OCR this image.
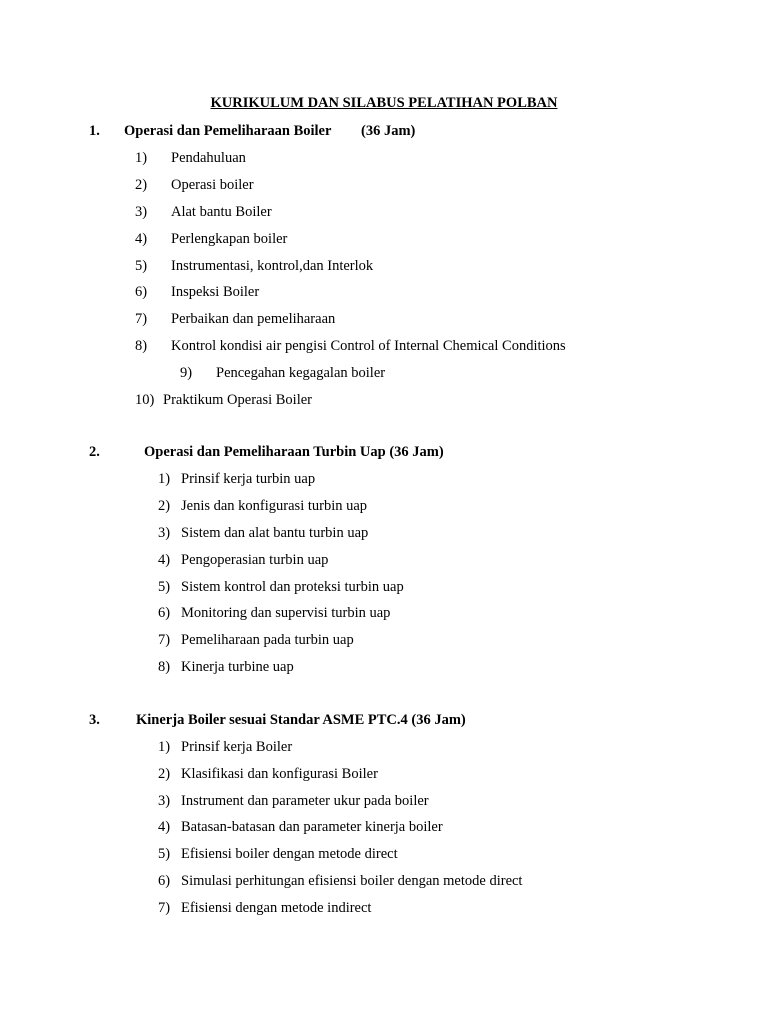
KURIKULUM DAN SILABUS PELATIHAN POLBAN
1. Operasi dan Pemeliharaan Boiler (36 Jam)
1) Pendahuluan
2) Operasi boiler
3) Alat bantu Boiler
4) Perlengkapan boiler
5) Instrumentasi, kontrol,dan Interlok
6) Inspeksi Boiler
7) Perbaikan dan pemeliharaan
8) Kontrol kondisi air pengisi Control of Internal Chemical Conditions
9) Pencegahan kegagalan boiler
10) Praktikum Operasi Boiler
2.	Operasi dan Pemeliharaan Turbin Uap (36 Jam)
1) Prinsif kerja turbin uap
2) Jenis dan konfigurasi turbin uap
3) Sistem dan alat bantu turbin uap
4) Pengoperasian turbin uap
5) Sistem kontrol dan proteksi turbin uap
6) Monitoring dan supervisi turbin uap
7) Pemeliharaan pada turbin uap
8) Kinerja turbine uap
3. Kinerja Boiler sesuai Standar ASME PTC.4 (36 Jam)
1) Prinsif kerja Boiler
2) Klasifikasi dan konfigurasi Boiler
3) Instrument dan parameter ukur pada boiler
4) Batasan-batasan dan parameter kinerja boiler
5) Efisiensi boiler dengan metode direct
6) Simulasi perhitungan efisiensi boiler dengan metode direct
7) Efisiensi dengan metode indirect
